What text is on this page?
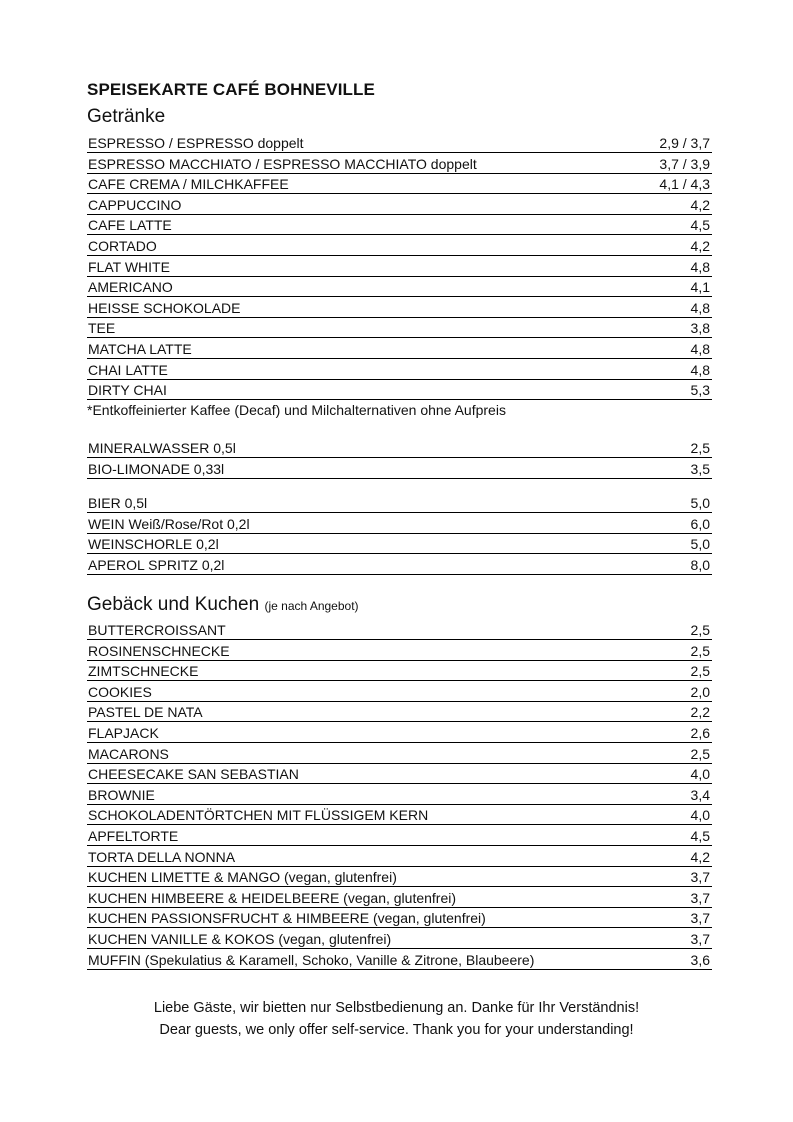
SPEISEKARTE CAFÉ BOHNEVILLE
Getränke
ESPRESSO / ESPRESSO doppelt	2,9 / 3,7
ESPRESSO MACCHIATO / ESPRESSO MACCHIATO doppelt	3,7 / 3,9
CAFE CREMA / MILCHKAFFEE	4,1 / 4,3
CAPPUCCINO	4,2
CAFE LATTE	4,5
CORTADO	4,2
FLAT WHITE	4,8
AMERICANO	4,1
HEISSE SCHOKOLADE	4,8
TEE	3,8
MATCHA LATTE	4,8
CHAI LATTE	4,8
DIRTY CHAI	5,3
*Entkoffeinierter Kaffee (Decaf) und Milchalternativen ohne Aufpreis
MINERALWASSER 0,5l	2,5
BIO-LIMONADE 0,33l	3,5
BIER 0,5l	5,0
WEIN Weiß/Rose/Rot 0,2l	6,0
WEINSCHORLE 0,2l	5,0
APEROL SPRITZ 0,2l	8,0
Gebäck und Kuchen (je nach Angebot)
BUTTERCROISSANT	2,5
ROSINENSCHNECKE	2,5
ZIMTSCHNECKE	2,5
COOKIES	2,0
PASTEL DE NATA	2,2
FLAPJACK	2,6
MACARONS	2,5
CHEESECAKE SAN SEBASTIAN	4,0
BROWNIE	3,4
SCHOKOLADENTÖRTCHEN MIT FLÜSSIGEM KERN	4,0
APFELTORTE	4,5
TORTA DELLA NONNA	4,2
KUCHEN LIMETTE & MANGO (vegan, glutenfrei)	3,7
KUCHEN HIMBEERE & HEIDELBEERE (vegan, glutenfrei)	3,7
KUCHEN PASSIONSFRUCHT & HIMBEERE (vegan, glutenfrei)	3,7
KUCHEN VANILLE & KOKOS (vegan, glutenfrei)	3,7
MUFFIN (Spekulatius & Karamell, Schoko, Vanille & Zitrone, Blaubeere)	3,6
Liebe Gäste, wir bietten nur Selbstbedienung an. Danke für Ihr Verständnis!
Dear guests, we only offer self-service. Thank you for your understanding!
